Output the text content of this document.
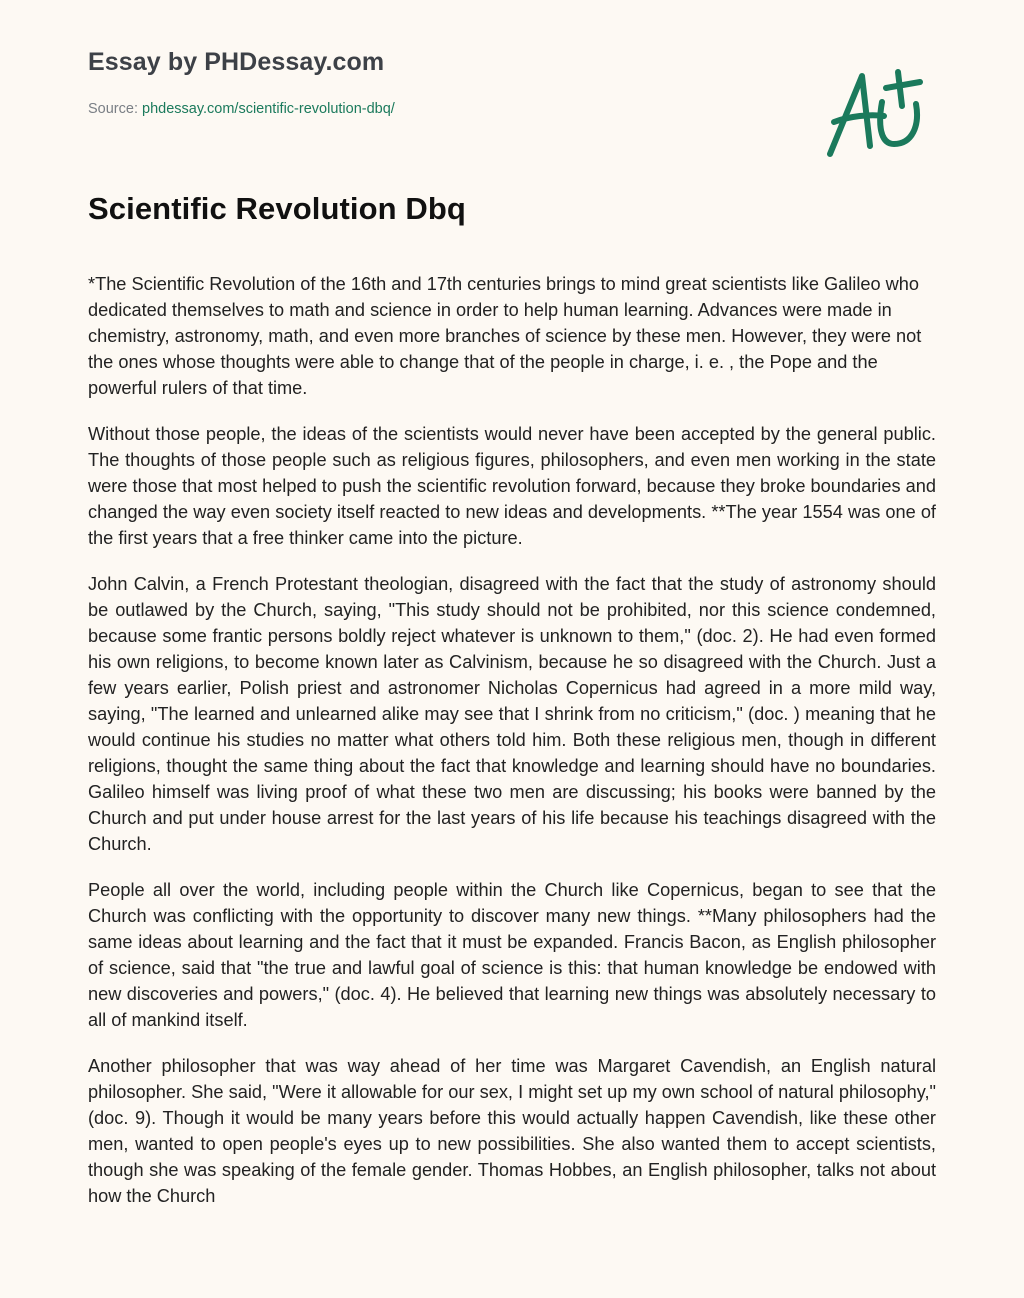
Essay by PHDessay.com
Source: phdessay.com/scientific-revolution-dbq/
Scientific Revolution Dbq

*The Scientific Revolution of the 16th and 17th centuries brings to mind great scientists like Galileo who dedicated themselves to math and science in order to help human learning. Advances were made in chemistry, astronomy, math, and even more branches of science by these men. However, they were not the ones whose thoughts were able to change that of the people in charge, i. e. , the Pope and the powerful rulers of that time.

Without those people, the ideas of the scientists would never have been accepted by the general public. The thoughts of those people such as religious figures, philosophers, and even men working in the state were those that most helped to push the scientific revolution forward, because they broke boundaries and changed the way even society itself reacted to new ideas and developments. **The year 1554 was one of the first years that a free thinker came into the picture.

John Calvin, a French Protestant theologian, disagreed with the fact that the study of astronomy should be outlawed by the Church, saying, "This study should not be prohibited, nor this science condemned, because some frantic persons boldly reject whatever is unknown to them," (doc. 2). He had even formed his own religions, to become known later as Calvinism, because he so disagreed with the Church. Just a few years earlier, Polish priest and astronomer Nicholas Copernicus had agreed in a more mild way, saying, "The learned and unlearned alike may see that I shrink from no criticism," (doc. ) meaning that he would continue his studies no matter what others told him. Both these religious men, though in different religions, thought the same thing about the fact that knowledge and learning should have no boundaries. Galileo himself was living proof of what these two men are discussing; his books were banned by the Church and put under house arrest for the last years of his life because his teachings disagreed with the Church.

People all over the world, including people within the Church like Copernicus, began to see that the Church was conflicting with the opportunity to discover many new things. **Many philosophers had the same ideas about learning and the fact that it must be expanded. Francis Bacon, as English philosopher of science, said that "the true and lawful goal of science is this: that human knowledge be endowed with new discoveries and powers," (doc. 4). He believed that learning new things was absolutely necessary to all of mankind itself.

Another philosopher that was way ahead of her time was Margaret Cavendish, an English natural philosopher. She said, "Were it allowable for our sex, I might set up my own school of natural philosophy," (doc. 9). Though it would be many years before this would actually happen Cavendish, like these other men, wanted to open people's eyes up to new possibilities. She also wanted them to accept scientists, though she was speaking of the female gender. Thomas Hobbes, an English philosopher, talks not about how the Church
